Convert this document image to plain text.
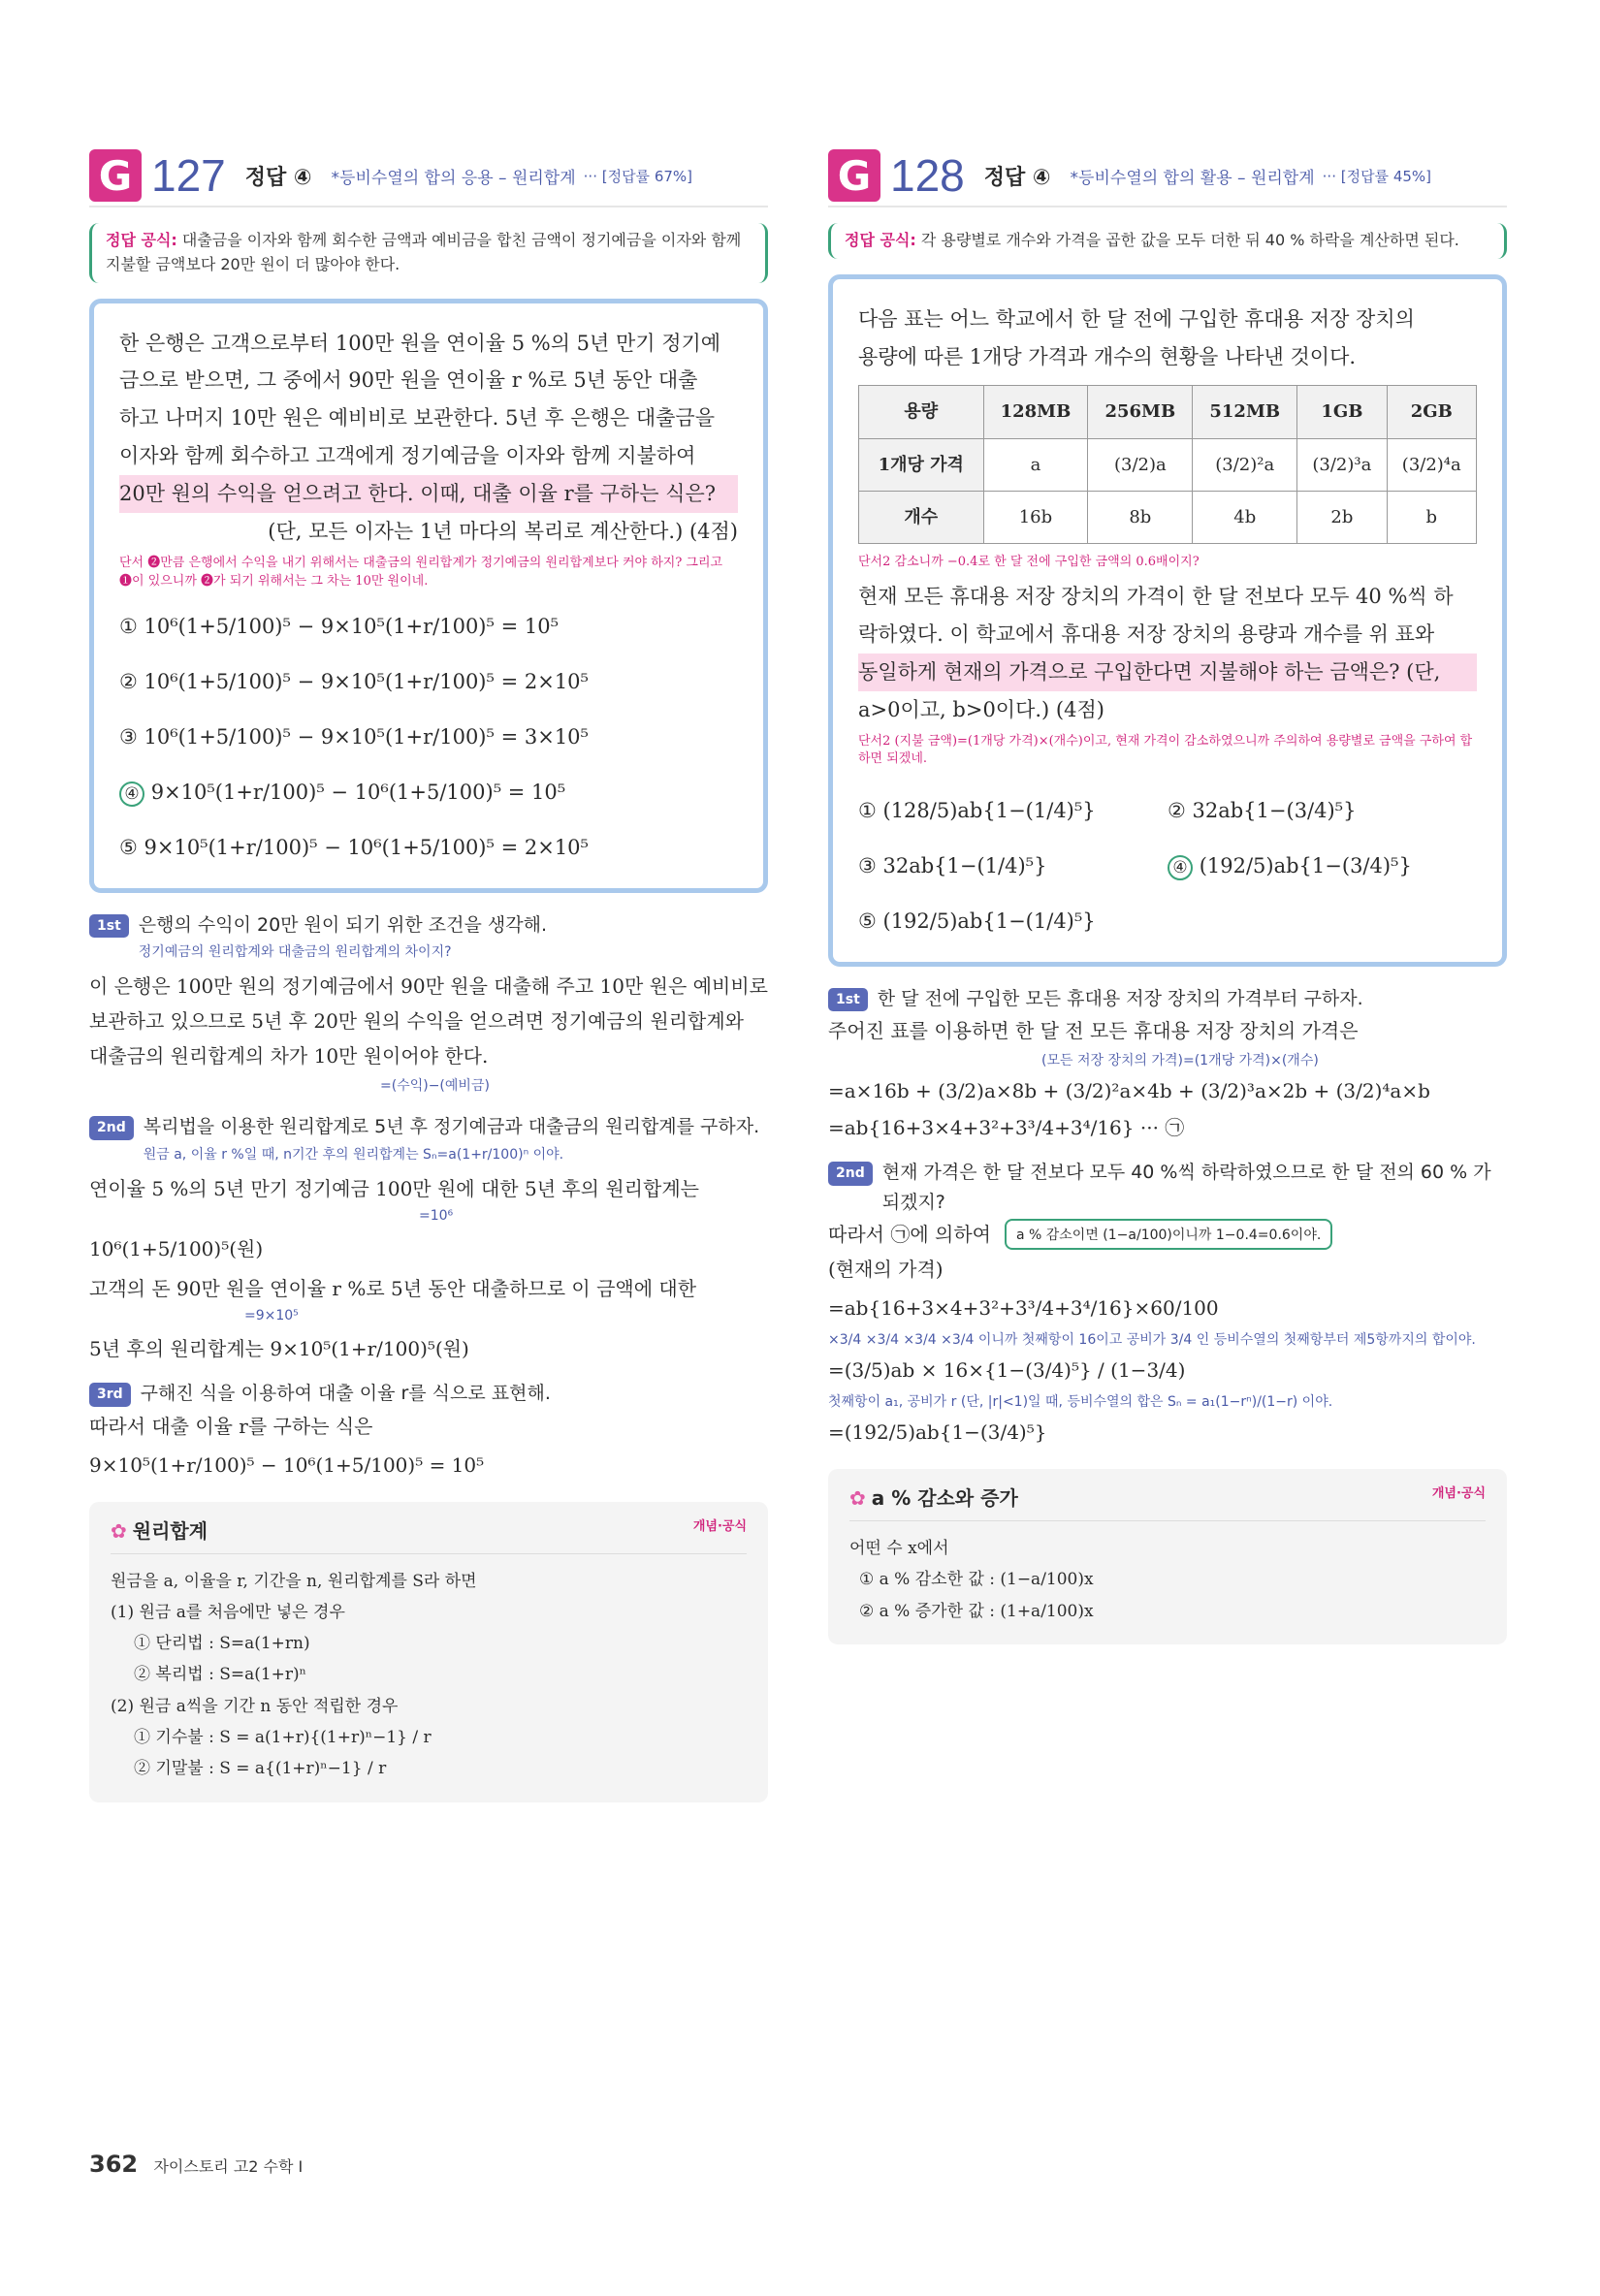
G 127 정답 ④ *등비수열의 합의 응용 – 원리합계 ··· [정답률 67%]
정답 공식: 대출금을 이자와 함께 회수한 금액과 예비금을 합친 금액이 정기예금을 이자와 함께 지불할 금액보다 20만 원이 더 많아야 한다.
한 은행은 고객으로부터 100만 원을 연이율 5 %의 5년 만기 정기예
금으로 받으면, 그 중에서 90만 원을 연이율 r %로 5년 동안 대출
하고 나머지 10만 원은 예비비로 보관한다. 5년 후 은행은 대출금을
이자와 함께 회수하고 고객에게 정기예금을 이자와 함께 지불하여
20만 원의 수익을 얻으려고 한다. 이때, 대출 이율 r를 구하는 식은?
(단, 모든 이자는 1년 마다의 복리로 계산한다.) (4점)
단서 ❷만큼 은행에서 수익을 내기 위해서는 대출금의 원리합계가 정기예금의 원리합계보다 커야 하지? 그리고 ❶이 있으니까 ❷가 되기 위해서는 그 차는 10만 원이네.
① 10⁶(1+5/100)⁵ − 9×10⁵(1+r/100)⁵ = 10⁵
② 10⁶(1+5/100)⁵ − 9×10⁵(1+r/100)⁵ = 2×10⁵
③ 10⁶(1+5/100)⁵ − 9×10⁵(1+r/100)⁵ = 3×10⁵
④ 9×10⁵(1+r/100)⁵ − 10⁶(1+5/100)⁵ = 10⁵
⑤ 9×10⁵(1+r/100)⁵ − 10⁶(1+5/100)⁵ = 2×10⁵
1st 은행의 수익이 20만 원이 되기 위한 조건을 생각해.
정기예금의 원리합계와 대출금의 원리합계의 차이지?
이 은행은 100만 원의 정기예금에서 90만 원을 대출해 주고 10만 원은 예비비로 보관하고 있으므로 5년 후 20만 원의 수익을 얻으려면 정기예금의 원리합계와 대출금의 원리합계의 차가 10만 원이어야 한다.
=(수익)−(예비금)
2nd 복리법을 이용한 원리합계로 5년 후 정기예금과 대출금의 원리합계를 구하자.
원금 a, 이율 r %일 때, n기간 후의 원리합계는 Sₙ=a(1+r/100)ⁿ 이야.
연이율 5 %의 5년 만기 정기예금 100만 원에 대한 5년 후의 원리합계는
=10⁶
10⁶(1+5/100)⁵(원)
고객의 돈 90만 원을 연이율 r %로 5년 동안 대출하므로 이 금액에 대한
=9×10⁵
5년 후의 원리합계는 9×10⁵(1+r/100)⁵(원)
3rd 구해진 식을 이용하여 대출 이율 r를 식으로 표현해.
따라서 대출 이율 r를 구하는 식은
9×10⁵(1+r/100)⁵ − 10⁶(1+5/100)⁵ = 10⁵
✿ 원리합계	개념·공식
원금을 a, 이율을 r, 기간을 n, 원리합계를 S라 하면
(1) 원금 a를 처음에만 넣은 경우
① 단리법 : S=a(1+rn)
② 복리법 : S=a(1+r)ⁿ
(2) 원금 a씩을 기간 n 동안 적립한 경우
① 기수불 : S = a(1+r){(1+r)ⁿ−1} / r
② 기말불 : S = a{(1+r)ⁿ−1} / r
G 128 정답 ④ *등비수열의 합의 활용 – 원리합계 ··· [정답률 45%]
정답 공식: 각 용량별로 개수와 가격을 곱한 값을 모두 더한 뒤 40 % 하락을 계산하면 된다.
다음 표는 어느 학교에서 한 달 전에 구입한 휴대용 저장 장치의
용량에 따른 1개당 가격과 개수의 현황을 나타낸 것이다.
용량	128MB	256MB	512MB	1GB	2GB
1개당 가격	a	(3/2)a	(3/2)²a	(3/2)³a	(3/2)⁴a
개수	16b	8b	4b	2b	b
단서2 감소니까 −0.4로 한 달 전에 구입한 금액의 0.6배이지?
현재 모든 휴대용 저장 장치의 가격이 한 달 전보다 모두 40 %씩 하
락하였다. 이 학교에서 휴대용 저장 장치의 용량과 개수를 위 표와
동일하게 현재의 가격으로 구입한다면 지불해야 하는 금액은? (단,
a>0이고, b>0이다.) (4점)
단서2 (지불 금액)=(1개당 가격)×(개수)이고, 현재 가격이 감소하였으니까 주의하여 용량별로 금액을 구하여 합하면 되겠네.
① (128/5)ab{1−(1/4)⁵}	② 32ab{1−(3/4)⁵}
③ 32ab{1−(1/4)⁵}	④ (192/5)ab{1−(3/4)⁵}
⑤ (192/5)ab{1−(1/4)⁵}
1st 한 달 전에 구입한 모든 휴대용 저장 장치의 가격부터 구하자.
주어진 표를 이용하면 한 달 전 모든 휴대용 저장 장치의 가격은
(모든 저장 장치의 가격)=(1개당 가격)×(개수)
=a×16b + (3/2)a×8b + (3/2)²a×4b + (3/2)³a×2b + (3/2)⁴a×b
=ab{16+3×4+3²+3³/4+3⁴/16} ··· ㉠
2nd 현재 가격은 한 달 전보다 모두 40 %씩 하락하였으므로 한 달 전의 60 % 가 되겠지?
따라서 ㉠에 의하여	a % 감소이면 (1−a/100)이니까 1−0.4=0.6이야.
(현재의 가격)
=ab{16+3×4+3²+3³/4+3⁴/16}×60/100
×3/4 ×3/4 ×3/4 ×3/4 이니까 첫째항이 16이고 공비가 3/4 인 등비수열의 첫째항부터 제5항까지의 합이야.
=(3/5)ab × 16×{1−(3/4)⁵} / (1−3/4)
첫째항이 a₁, 공비가 r (단, |r|<1)일 때, 등비수열의 합은 Sₙ = a₁(1−rⁿ)/(1−r) 이야.
=(192/5)ab{1−(3/4)⁵}
✿ a % 감소와 증가	개념·공식
어떤 수 x에서
① a % 감소한 값 : (1−a/100)x
② a % 증가한 값 : (1+a/100)x
362 자이스토리 고2 수학 I
